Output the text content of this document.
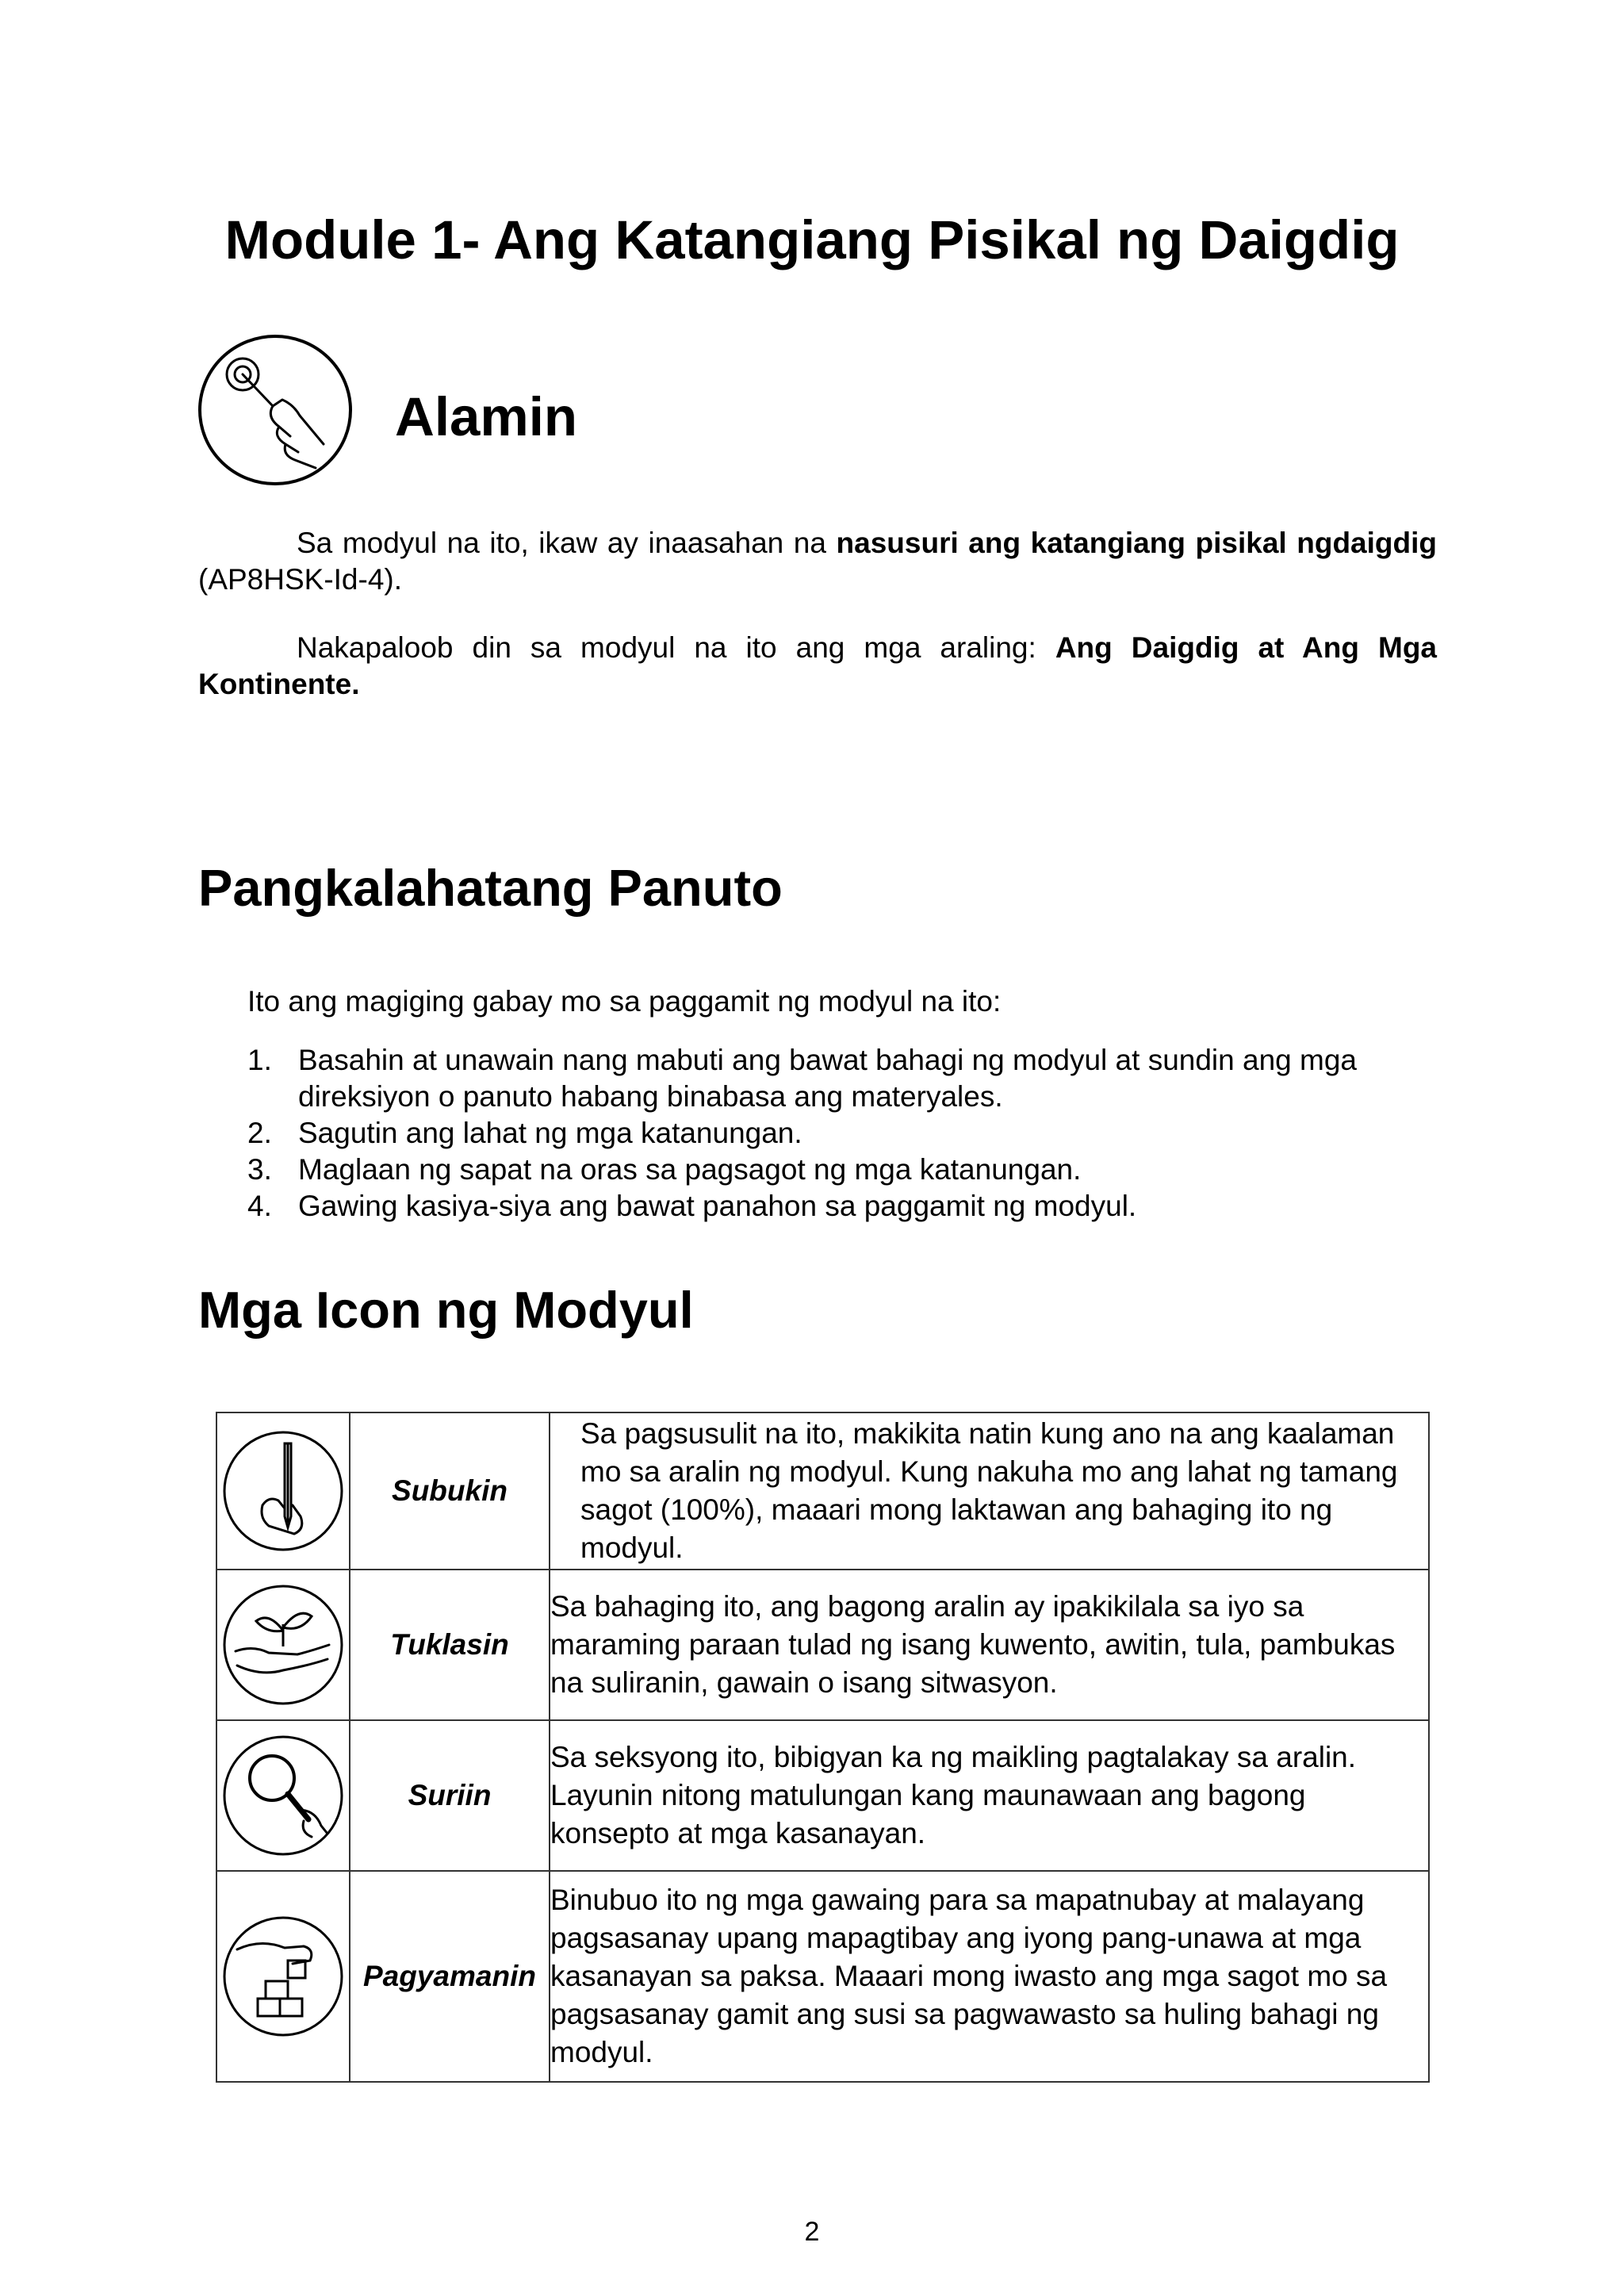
Module 1- Ang Katangiang Pisikal ng Daigdig
Alamin

Sa modyul na ito, ikaw ay inaasahan na nasusuri ang katangiang pisikal ngdaigdig (AP8HSK-Id-4).

Nakapaloob din sa modyul na ito ang mga araling: Ang Daigdig at Ang Mga Kontinente.

Pangkalahatang Panuto

Ito ang magiging gabay mo sa paggamit ng modyul na ito:

1. Basahin at unawain nang mabuti ang bawat bahagi ng modyul at sundin ang mga direksiyon o panuto habang binabasa ang materyales.
2. Sagutin ang lahat ng mga katanungan.
3. Maglaan ng sapat na oras sa pagsagot ng mga katanungan.
4. Gawing kasiya-siya ang bawat panahon sa paggamit ng modyul.
Mga Icon ng Modyul
	Subukin	Sa pagsusulit na ito, makikita natin kung ano na ang kaalaman mo sa aralin ng modyul. Kung nakuha mo ang lahat ng tamang sagot (100%), maaari mong laktawan ang bahaging ito ng modyul.

	Tuklasin	Sa bahaging ito, ang bagong aralin ay ipakikilala sa iyo sa maraming paraan tulad ng isang kuwento, awitin, tula, pambukas na suliranin, gawain o isang sitwasyon.

	Suriin	Sa seksyong ito, bibigyan ka ng maikling pagtalakay sa aralin. Layunin nitong matulungan kang maunawaan ang bagong konsepto at mga kasanayan.

	Pagyamanin	Binubuo ito ng mga gawaing para sa mapatnubay at malayang pagsasanay upang mapagtibay ang iyong pang-unawa at mga kasanayan sa paksa. Maaari mong iwasto ang mga sagot mo sa pagsasanay gamit ang susi sa pagwawasto sa huling bahagi ng modyul.

2
